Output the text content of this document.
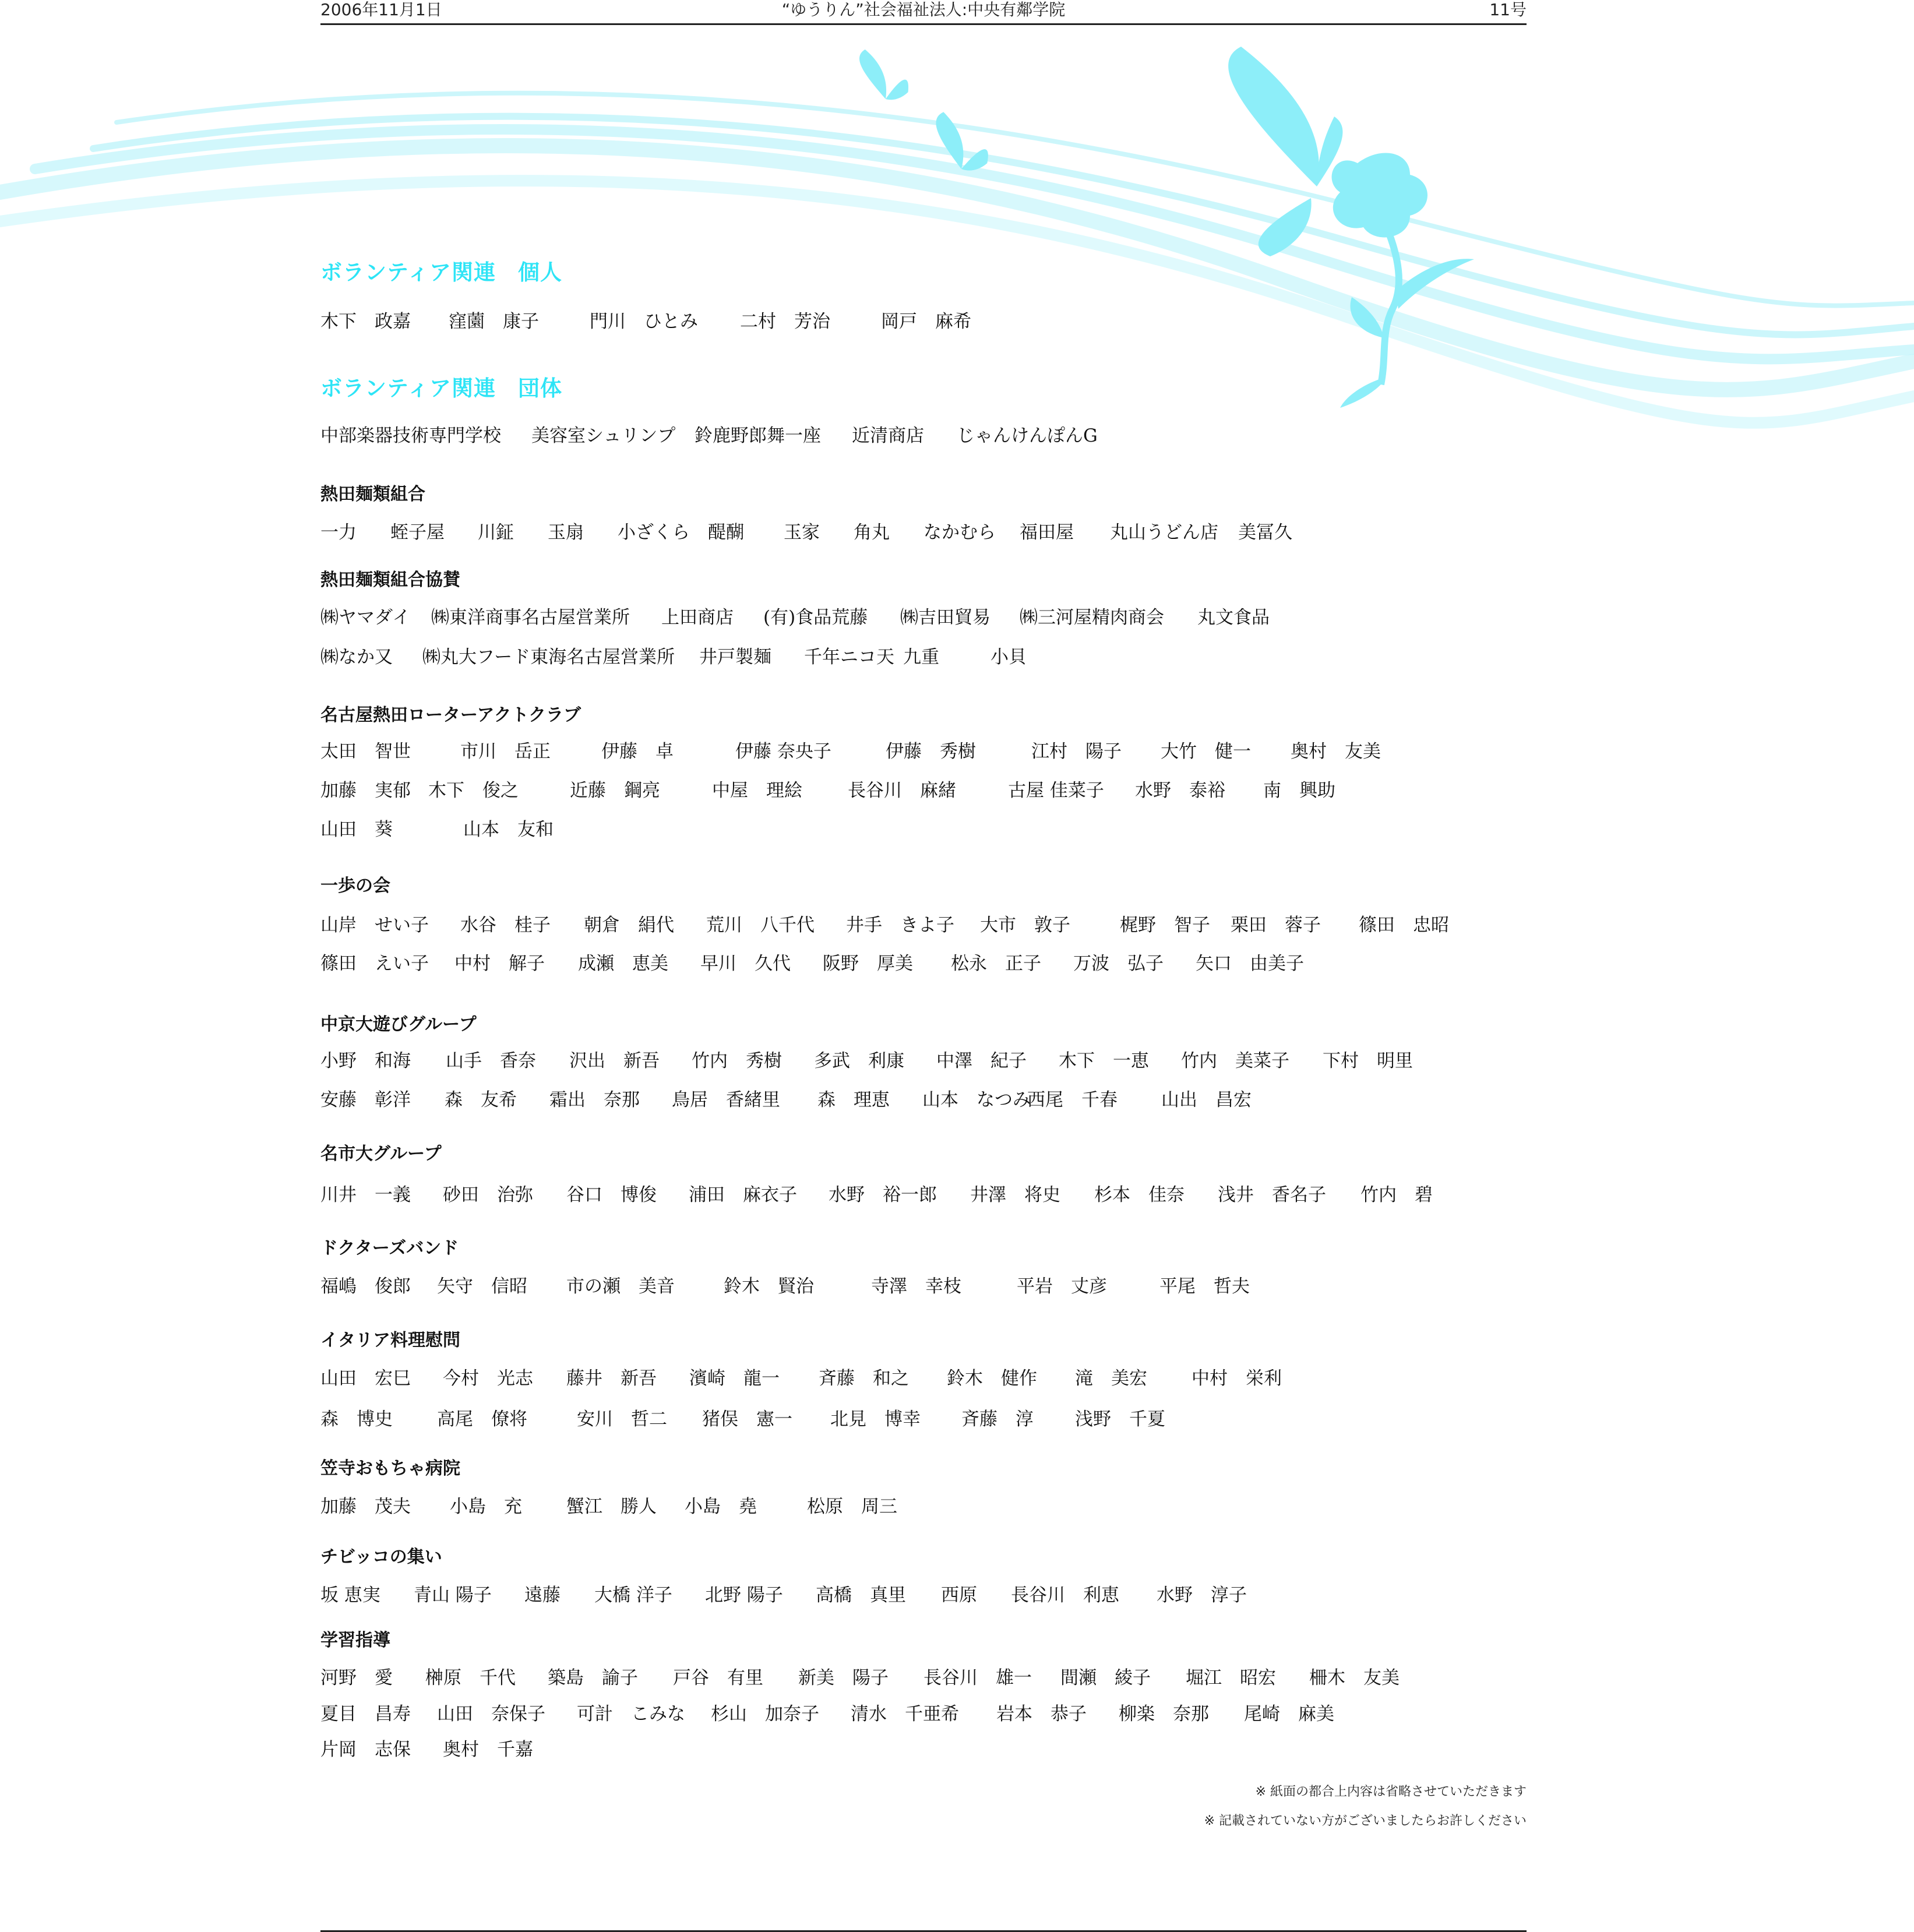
2006年11月1日	“ゆうりん”社会福祉法人:中央有鄰学院	11号
ボランティア関連　個人
木下　政嘉 窪薗　康子	門川　ひとみ 二村　芳治	岡戸　麻希
ボランティア関連　団体
中部楽器技術専門学校 美容室シュリンプ 鈴鹿野郎舞一座 近清商店 じゃんけんぽんG
熱田麺類組合
一力 蛭子屋 川鉦 玉扇 小ざくら 醍醐 玉家 角丸 なかむら 福田屋 丸山うどん店 美冨久
熱田麺類組合協賛
㈱ヤマダイ ㈱東洋商事名古屋営業所 上田商店 (有)食品荒藤 ㈱吉田貿易 ㈱三河屋精肉商会 丸文食品
㈱なか又 ㈱丸大フード東海名古屋営業所 井戸製麺 千年ニコ天 九重	小貝
名古屋熱田ローターアクトクラブ
太田　智世	市川　岳正	伊藤　卓	伊藤 奈央子	伊藤　秀樹	江村　陽子 大竹　健一 奥村　友美
加藤　実郁 木下　俊之	近藤　鋼亮	中屋　理絵	長谷川　麻緒	古屋 佳菜子 水野　泰裕 南　興助
山田　葵	山本　友和
一歩の会
山岸　せい子 水谷　桂子 朝倉　絹代 荒川　八千代 井手　きよ子 大市　敦子	梶野　智子 栗田　蓉子 篠田　忠昭
篠田　えい子 中村　解子 成瀬　恵美 早川　久代 阪野　厚美 松永　正子 万波　弘子 矢口　由美子
中京大遊びグループ
小野　和海 山手　香奈 沢出　新吾 竹内　秀樹 多武　利康 中澤　紀子 木下　一恵 竹内　美菜子 下村　明里
安藤　彰洋 森　友希 霜出　奈那 鳥居　香緒里 森　理恵 山本　なつみ
西尾　千春 山出　昌宏
名市大グループ
川井　一義 砂田　治弥 谷口　博俊 浦田　麻衣子 水野　裕一郎 井澤　将史 杉本　佳奈 浅井　香名子 竹内　碧
ドクターズバンド
福嶋　俊郎 矢守　信昭 市の瀬　美音	鈴木　賢治	寺澤　幸枝	平岩　丈彦	平尾　哲夫
イタリア料理慰問
山田　宏巳 今村　光志 藤井　新吾 濱崎　龍一 斉藤　和之 鈴木　健作 滝　美宏 中村　栄利
森　博史 高尾　僚将	安川　哲二 猪俣　憲一 北見　博幸 斉藤　淳 浅野　千夏
笠寺おもちゃ病院
加藤　茂夫 小島　充 蟹江　勝人 小島　堯	松原　周三
チビッコの集い
坂 恵実 青山 陽子 遠藤 大橋 洋子 北野 陽子 高橋　真里 西原 長谷川　利恵 水野　淳子
学習指導
河野　愛 榊原　千代 築島　諭子 戸谷　有里 新美　陽子 長谷川　雄一 間瀬　綾子 堀江　昭宏 柵木　友美
夏目　昌寿 山田　奈保子 可計　こみな 杉山　加奈子 清水　千亜希 岩本　恭子 柳楽　奈那 尾崎　麻美
片岡　志保 奥村　千嘉
※ 紙面の都合上内容は省略させていただきます
※ 記載されていない方がございましたらお許しください
